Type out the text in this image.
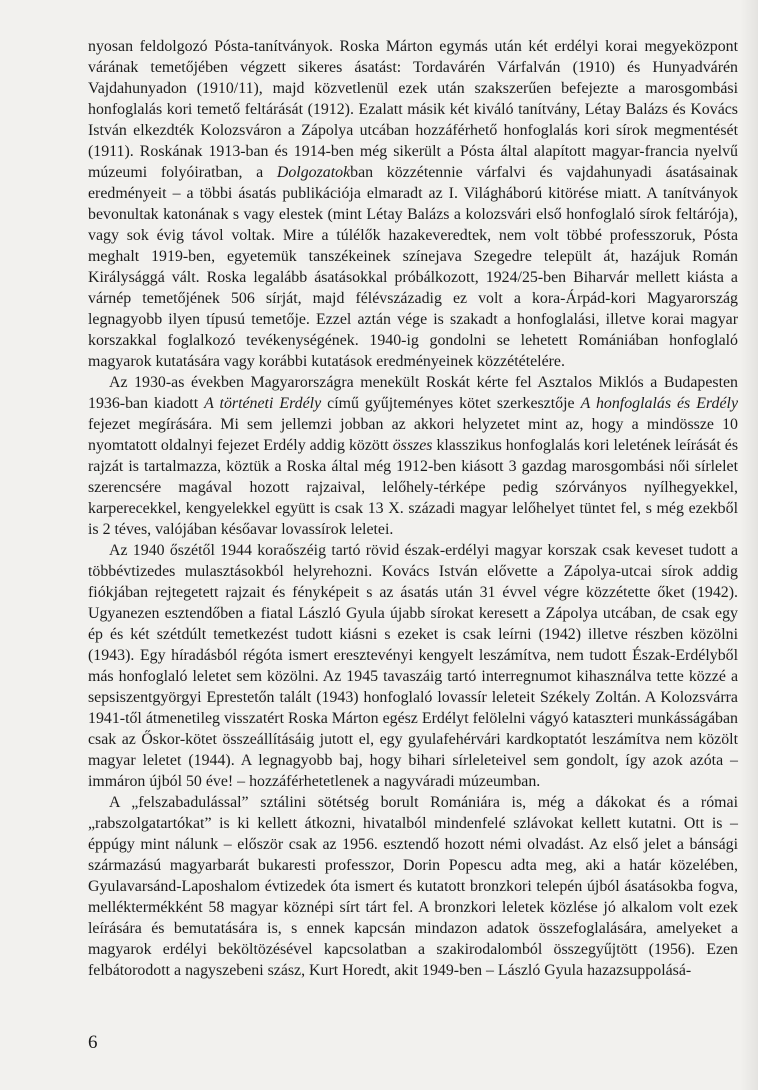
nyosan feldolgozó Pósta-tanítványok. Roska Márton egymás után két erdélyi korai megyeközpont várának temetőjében végzett sikeres ásatást: Tordavárén Várfalván (1910) és Hunyadvárén Vajdahunyadon (1910/11), majd közvetlenül ezek után szakszerűen befejezte a marosgombási honfoglalás kori temető feltárását (1912). Ezalatt másik két kiváló tanítvány, Létay Balázs és Kovács István elkezdték Kolozsváron a Zápolya utcában hozzáférhető honfoglalás kori sírok megmentését (1911). Roskának 1913-ban és 1914-ben még sikerült a Pósta által alapított magyar-francia nyelvű múzeumi folyóiratban, a Dolgozatokban közzétennie várfalvi és vajdahunyadi ásatásainak eredményeit – a többi ásatás publikációja elmaradt az I. Világháború kitörése miatt. A tanítványok bevonultak katonának s vagy elestek (mint Létay Balázs a kolozsvári első honfoglaló sírok feltárója), vagy sok évig távol voltak. Mire a túlélők hazakeveredtek, nem volt többé professzoruk, Pósta meghalt 1919-ben, egyetemük tanszékeinek színejava Szegedre települt át, hazájuk Román Királysággá vált. Roska legalább ásatásokkal próbálkozott, 1924/25-ben Biharvár mellett kiásta a várnép temetőjének 506 sírját, majd félévszázadig ez volt a kora-Árpád-kori Magyarország legnagyobb ilyen típusú temetője. Ezzel aztán vége is szakadt a honfoglalási, illetve korai magyar korszakkal foglalkozó tevékenységének. 1940-ig gondolni se lehetett Romániában honfoglaló magyarok kutatására vagy korábbi kutatások eredményeinek közzétételére.

Az 1930-as években Magyarországra menekült Roskát kérte fel Asztalos Miklós a Budapesten 1936-ban kiadott A történeti Erdély című gyűjteményes kötet szerkesztője A honfoglalás és Erdély fejezet megírására. Mi sem jellemzi jobban az akkori helyzetet mint az, hogy a mindössze 10 nyomtatott oldalnyi fejezet Erdély addig között összes klasszikus honfoglalás kori leletének leírását és rajzát is tartalmazza, köztük a Roska által még 1912-ben kiásott 3 gazdag marosgombási női sírlelet szerencsére magával hozott rajzaival, lelőhely-térképe pedig szórványos nyílhegyekkel, karperecekkel, kengyelekkel együtt is csak 13 X. századi magyar lelőhelyet tüntet fel, s még ezekből is 2 téves, valójában későavar lovassírok leletei.

Az 1940 őszétől 1944 koraőszéig tartó rövid észak-erdélyi magyar korszak csak keveset tudott a többévtizedes mulasztásokból helyrehozni. Kovács István elővette a Zápolya-utcai sírok addig fiókjában rejtegetett rajzait és fényképeit s az ásatás után 31 évvel végre közzétette őket (1942). Ugyanezen esztendőben a fiatal László Gyula újabb sírokat keresett a Zápolya utcában, de csak egy ép és két szétdúlt temetkezést tudott kiásni s ezeket is csak leírni (1942) illetve részben közölni (1943). Egy híradásból régóta ismert eresztevényi kengyelt leszámítva, nem tudott Észak-Erdélyből más honfoglaló leletet sem közölni. Az 1945 tavaszáig tartó interregnumot kihasználva tette közzé a sepsiszentgyörgyi Eprestetőn talált (1943) honfoglaló lovassír leleteit Székely Zoltán. A Kolozsvárra 1941-től átmenetileg visszatért Roska Márton egész Erdélyt felölelni vágyó kataszteri munkásságában csak az Őskor-kötet összeállításáig jutott el, egy gyulafehérvári kardkoptatót leszámítva nem közölt magyar leletet (1944). A legnagyobb baj, hogy bihari sírleleteivel sem gondolt, így azok azóta – immáron újból 50 éve! – hozzáférhetetlenek a nagyváradi múzeumban.

A „felszabadulással” sztálini sötétség borult Romániára is, még a dákokat és a római „rabszolgatartókat” is ki kellett átkozni, hivatalból mindenfelé szlávokat kellett kutatni. Ott is – éppúgy mint nálunk – először csak az 1956. esztendő hozott némi olvadást. Az első jelet a bánsági származású magyarbarát bukaresti professzor, Dorin Popescu adta meg, aki a határ közelében, Gyulavarsánd-Laposhalom évtizedek óta ismert és kutatott bronzkori telepén újból ásatásokba fogva, melléktermékként 58 magyar köznépi sírt tárt fel. A bronzkori leletek közlése jó alkalom volt ezek leírására és bemutatására is, s ennek kapcsán mindazon adatok összefoglalására, amelyeket a magyarok erdélyi beköltözésével kapcsolatban a szakirodalomból összegyűjtött (1956). Ezen felbátorodott a nagyszebeni szász, Kurt Horedt, akit 1949-ben – László Gyula hazazsuppolásá-

6
